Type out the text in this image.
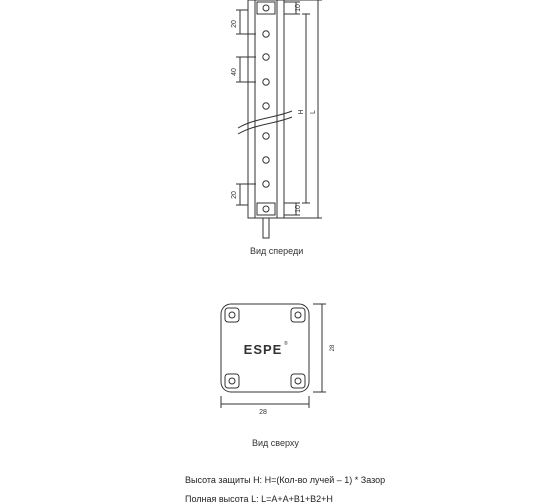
20
40
20
10
10
H L
ESPE ®
28
28
Вид спереди
Вид сверху
Высота защиты H: H=(Кол-во лучей – 1) * Зазор
Полная высота L: L=A+A+B1+B2+H
